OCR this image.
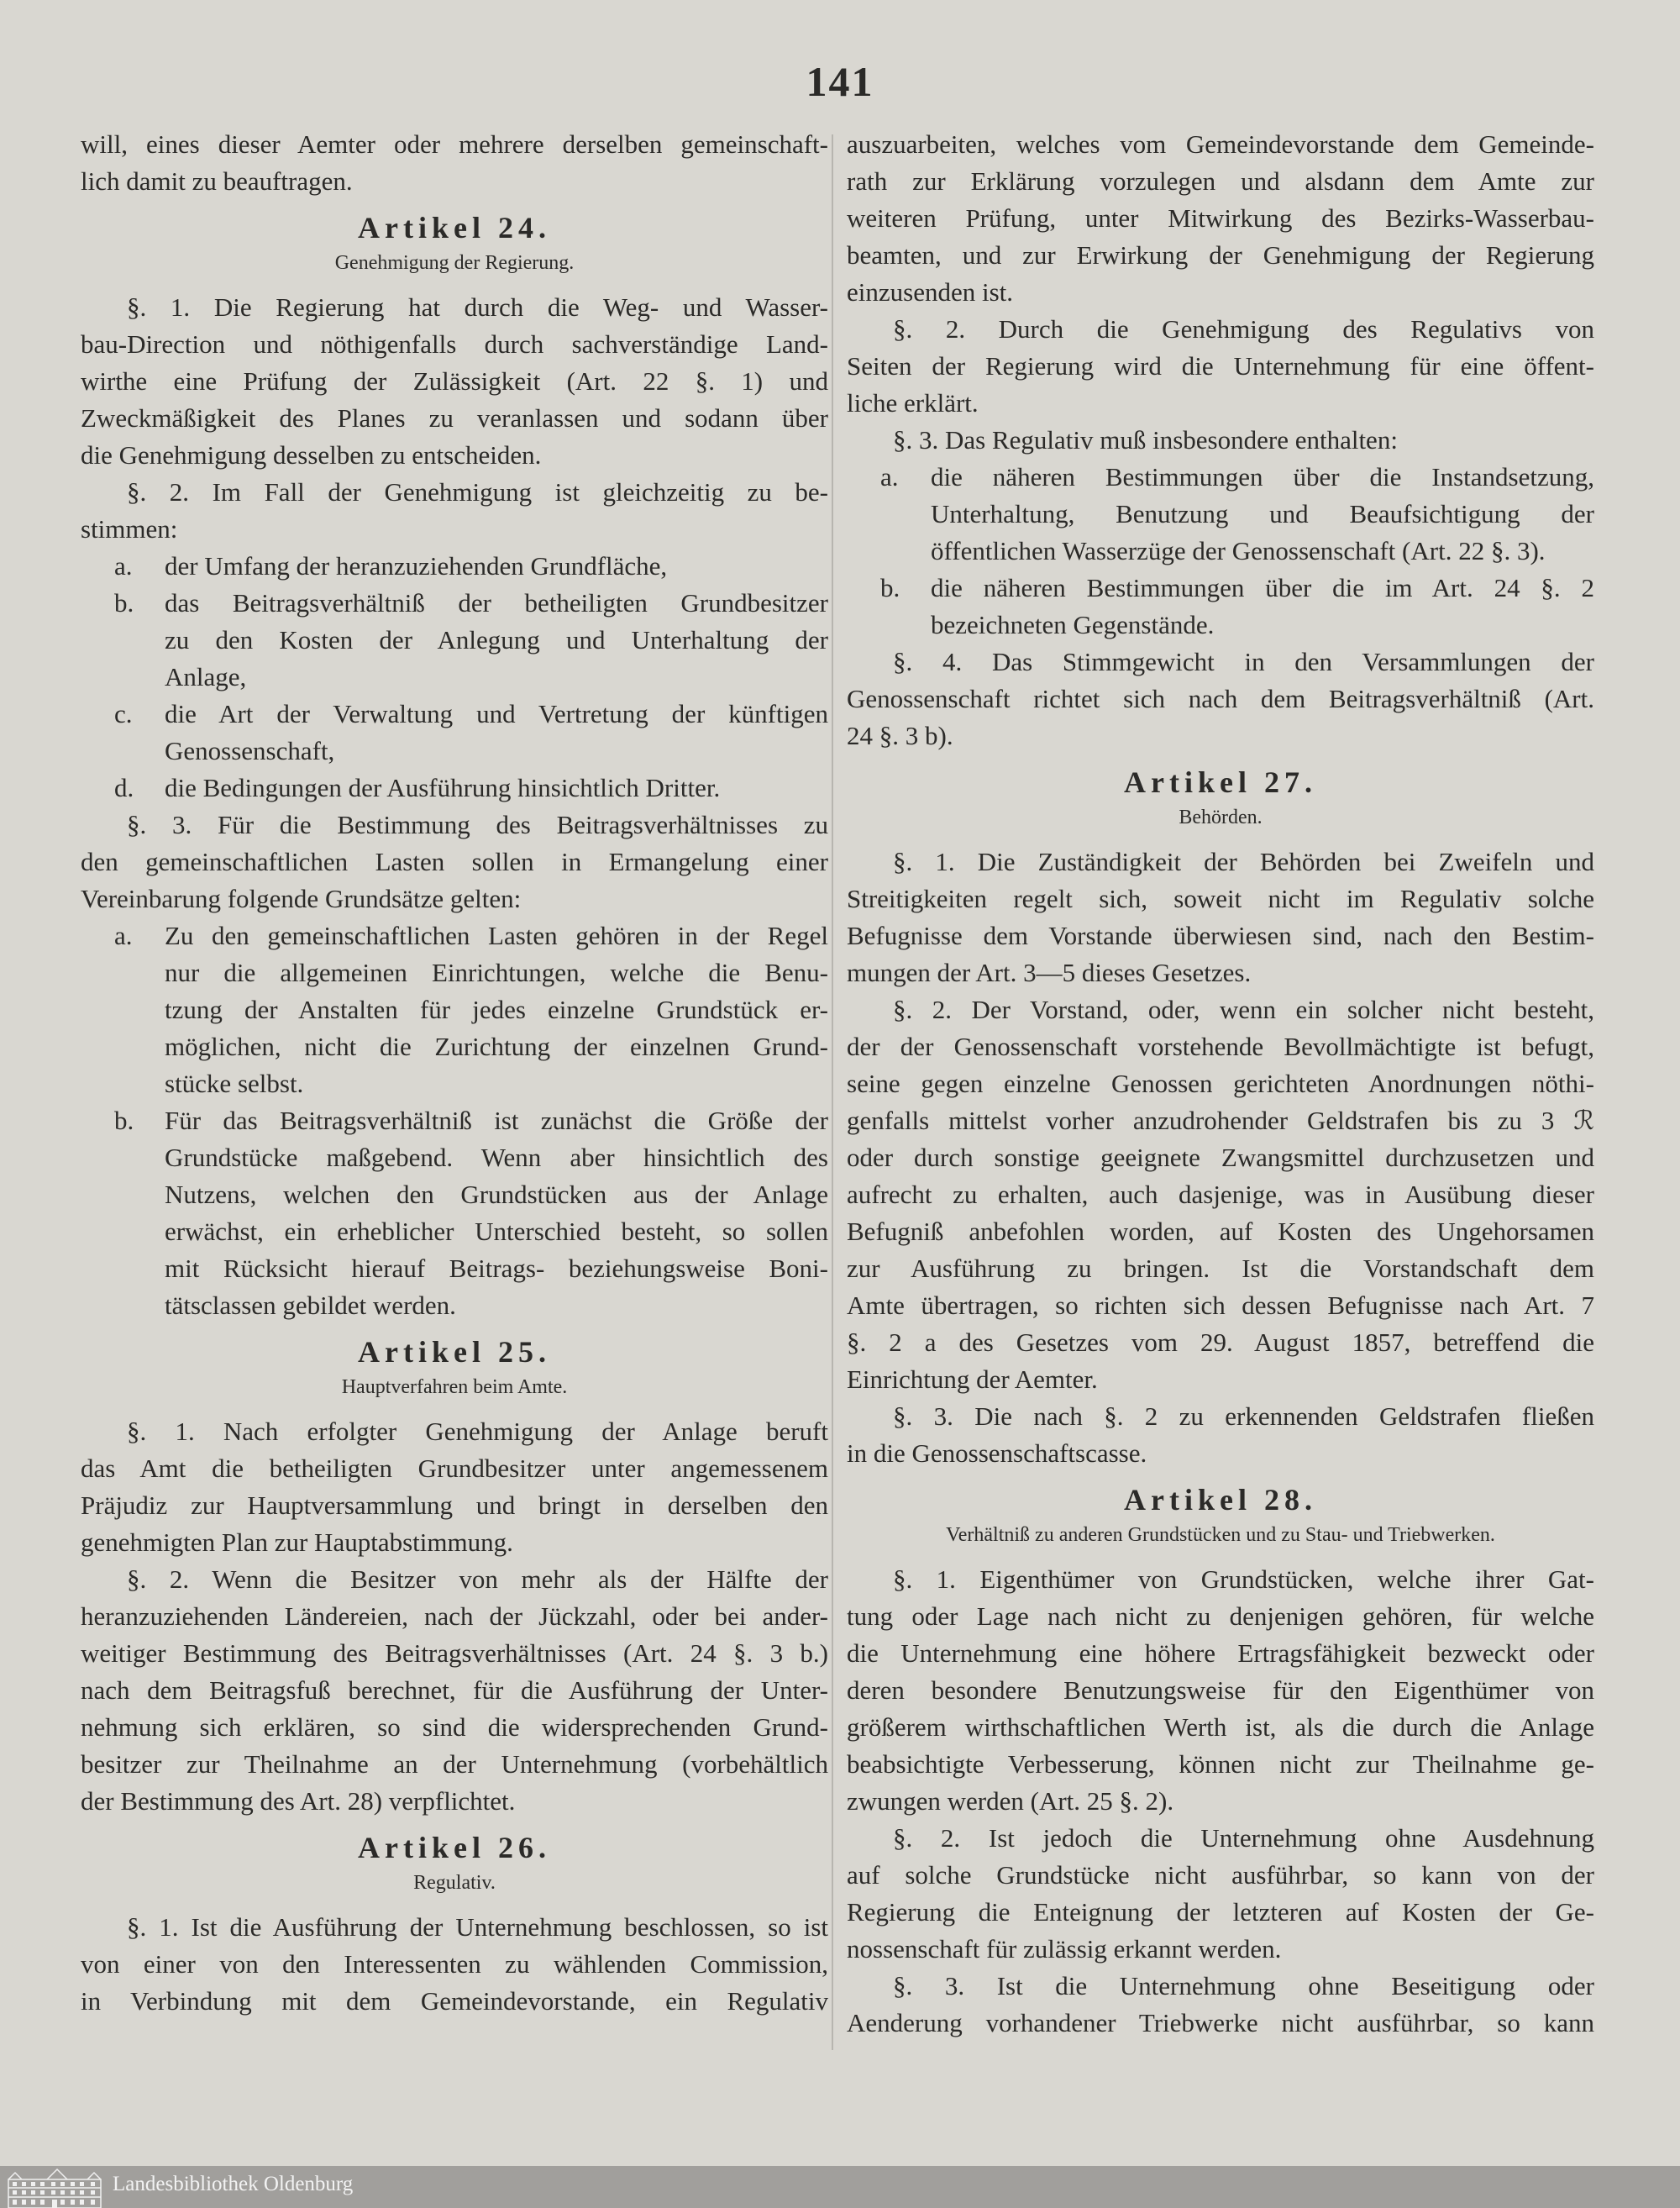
141
will, eines dieser Aemter oder mehrere derselben gemeinschaft-
lich damit zu beauftragen.
Artikel 24.
Genehmigung der Regierung.
§. 1. Die Regierung hat durch die Weg- und Wasser-
bau-Direction und nöthigenfalls durch sachverständige Land-
wirthe eine Prüfung der Zulässigkeit (Art. 22 §. 1) und
Zweckmäßigkeit des Planes zu veranlassen und sodann über
die Genehmigung desselben zu entscheiden.
§. 2. Im Fall der Genehmigung ist gleichzeitig zu be-
stimmen:
a. der Umfang der heranzuziehenden Grundfläche,
b. das Beitragsverhältniß der betheiligten Grundbesitzer
zu den Kosten der Anlegung und Unterhaltung der
Anlage,
c. die Art der Verwaltung und Vertretung der künftigen
Genossenschaft,
d. die Bedingungen der Ausführung hinsichtlich Dritter.
§. 3. Für die Bestimmung des Beitragsverhältnisses zu
den gemeinschaftlichen Lasten sollen in Ermangelung einer
Vereinbarung folgende Grundsätze gelten:
a. Zu den gemeinschaftlichen Lasten gehören in der Regel
nur die allgemeinen Einrichtungen, welche die Benu-
tzung der Anstalten für jedes einzelne Grundstück er-
möglichen, nicht die Zurichtung der einzelnen Grund-
stücke selbst.
b. Für das Beitragsverhältniß ist zunächst die Größe der
Grundstücke maßgebend. Wenn aber hinsichtlich des
Nutzens, welchen den Grundstücken aus der Anlage
erwächst, ein erheblicher Unterschied besteht, so sollen
mit Rücksicht hierauf Beitrags- beziehungsweise Boni-
tätsclassen gebildet werden.
Artikel 25.
Hauptverfahren beim Amte.
§. 1. Nach erfolgter Genehmigung der Anlage beruft
das Amt die betheiligten Grundbesitzer unter angemessenem
Präjudiz zur Hauptversammlung und bringt in derselben den
genehmigten Plan zur Hauptabstimmung.
§. 2. Wenn die Besitzer von mehr als der Hälfte der
heranzuziehenden Ländereien, nach der Jückzahl, oder bei ander-
weitiger Bestimmung des Beitragsverhältnisses (Art. 24 §. 3 b.)
nach dem Beitragsfuß berechnet, für die Ausführung der Unter-
nehmung sich erklären, so sind die widersprechenden Grund-
besitzer zur Theilnahme an der Unternehmung (vorbehältlich
der Bestimmung des Art. 28) verpflichtet.
Artikel 26.
Regulativ.
§. 1. Ist die Ausführung der Unternehmung beschlossen, so ist
von einer von den Interessenten zu wählenden Commission,
in Verbindung mit dem Gemeindevorstande, ein Regulativ
auszuarbeiten, welches vom Gemeindevorstande dem Gemeinde-
rath zur Erklärung vorzulegen und alsdann dem Amte zur
weiteren Prüfung, unter Mitwirkung des Bezirks-Wasserbau-
beamten, und zur Erwirkung der Genehmigung der Regierung
einzusenden ist.
§. 2. Durch die Genehmigung des Regulativs von
Seiten der Regierung wird die Unternehmung für eine öffent-
liche erklärt.
§. 3. Das Regulativ muß insbesondere enthalten:
a. die näheren Bestimmungen über die Instandsetzung,
Unterhaltung, Benutzung und Beaufsichtigung der
öffentlichen Wasserzüge der Genossenschaft (Art. 22 §. 3).
b. die näheren Bestimmungen über die im Art. 24 §. 2
bezeichneten Gegenstände.
§. 4. Das Stimmgewicht in den Versammlungen der
Genossenschaft richtet sich nach dem Beitragsverhältniß (Art.
24 §. 3 b).
Artikel 27.
Behörden.
§. 1. Die Zuständigkeit der Behörden bei Zweifeln und
Streitigkeiten regelt sich, soweit nicht im Regulativ solche
Befugnisse dem Vorstande überwiesen sind, nach den Bestim-
mungen der Art. 3—5 dieses Gesetzes.
§. 2. Der Vorstand, oder, wenn ein solcher nicht besteht,
der der Genossenschaft vorstehende Bevollmächtigte ist befugt,
seine gegen einzelne Genossen gerichteten Anordnungen nöthi-
genfalls mittelst vorher anzudrohender Geldstrafen bis zu 3 ℛ
oder durch sonstige geeignete Zwangsmittel durchzusetzen und
aufrecht zu erhalten, auch dasjenige, was in Ausübung dieser
Befugniß anbefohlen worden, auf Kosten des Ungehorsamen
zur Ausführung zu bringen. Ist die Vorstandschaft dem
Amte übertragen, so richten sich dessen Befugnisse nach Art. 7
§. 2 a des Gesetzes vom 29. August 1857, betreffend die
Einrichtung der Aemter.
§. 3. Die nach §. 2 zu erkennenden Geldstrafen fließen
in die Genossenschaftscasse.
Artikel 28.
Verhältniß zu anderen Grundstücken und zu Stau- und Triebwerken.
§. 1. Eigenthümer von Grundstücken, welche ihrer Gat-
tung oder Lage nach nicht zu denjenigen gehören, für welche
die Unternehmung eine höhere Ertragsfähigkeit bezweckt oder
deren besondere Benutzungsweise für den Eigenthümer von
größerem wirthschaftlichen Werth ist, als die durch die Anlage
beabsichtigte Verbesserung, können nicht zur Theilnahme ge-
zwungen werden (Art. 25 §. 2).
§. 2. Ist jedoch die Unternehmung ohne Ausdehnung
auf solche Grundstücke nicht ausführbar, so kann von der
Regierung die Enteignung der letzteren auf Kosten der Ge-
nossenschaft für zulässig erkannt werden.
§. 3. Ist die Unternehmung ohne Beseitigung oder
Aenderung vorhandener Triebwerke nicht ausführbar, so kann
Landesbibliothek Oldenburg
